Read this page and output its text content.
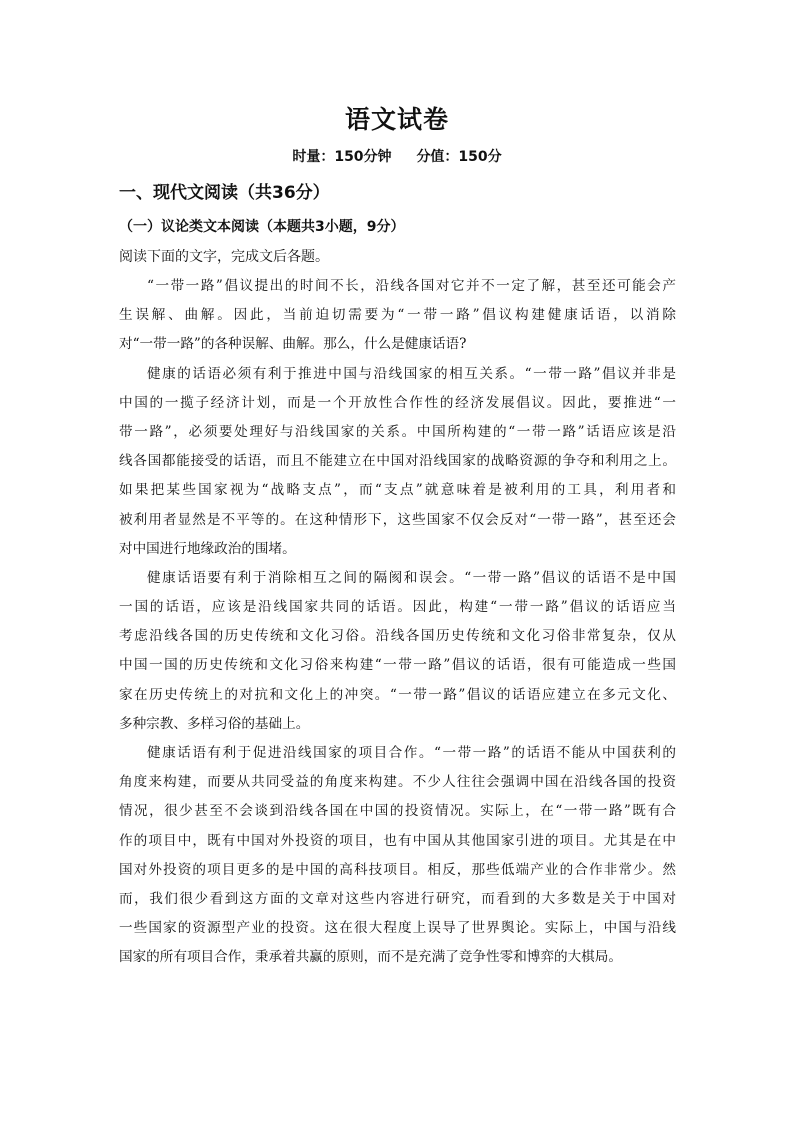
语文试卷
时量：150分钟 分值：150分
一、现代文阅读（共36分）
（一）议论类文本阅读（本题共3小题，9分）
阅读下面的文字，完成文后各题。
“一带一路”倡议提出的时间不长，沿线各国对它并不一定了解，甚至还可能会产
生误解、曲解。因此，当前迫切需要为“一带一路”倡议构建健康话语，以消除
对“一带一路”的各种误解、曲解。那么，什么是健康话语?
健康的话语必须有利于推进中国与沿线国家的相互关系。“一带一路”倡议并非是
中国的一揽子经济计划，而是一个开放性合作性的经济发展倡议。因此，要推进“一
带一路”，必须要处理好与沿线国家的关系。中国所构建的“一带一路”话语应该是沿
线各国都能接受的话语，而且不能建立在中国对沿线国家的战略资源的争夺和利用之上。
如果把某些国家视为“战略支点”，而“支点”就意味着是被利用的工具，利用者和
被利用者显然是不平等的。在这种情形下，这些国家不仅会反对“一带一路”，甚至还会
对中国进行地缘政治的围堵。
健康话语要有利于消除相互之间的隔阂和误会。“一带一路”倡议的话语不是中国
一国的话语，应该是沿线国家共同的话语。因此，构建“一带一路”倡议的话语应当
考虑沿线各国的历史传统和文化习俗。沿线各国历史传统和文化习俗非常复杂，仅从
中国一国的历史传统和文化习俗来构建“一带一路”倡议的话语，很有可能造成一些国
家在历史传统上的对抗和文化上的冲突。“一带一路”倡议的话语应建立在多元文化、
多种宗教、多样习俗的基础上。
健康话语有利于促进沿线国家的项目合作。“一带一路”的话语不能从中国获利的
角度来构建，而要从共同受益的角度来构建。不少人往往会强调中国在沿线各国的投资
情况，很少甚至不会谈到沿线各国在中国的投资情况。实际上，在“一带一路”既有合
作的项目中，既有中国对外投资的项目，也有中国从其他国家引进的项目。尤其是在中
国对外投资的项目更多的是中国的高科技项目。相反，那些低端产业的合作非常少。然
而，我们很少看到这方面的文章对这些内容进行研究，而看到的大多数是关于中国对
一些国家的资源型产业的投资。这在很大程度上误导了世界舆论。实际上，中国与沿线
国家的所有项目合作，秉承着共赢的原则，而不是充满了竞争性零和博弈的大棋局。
